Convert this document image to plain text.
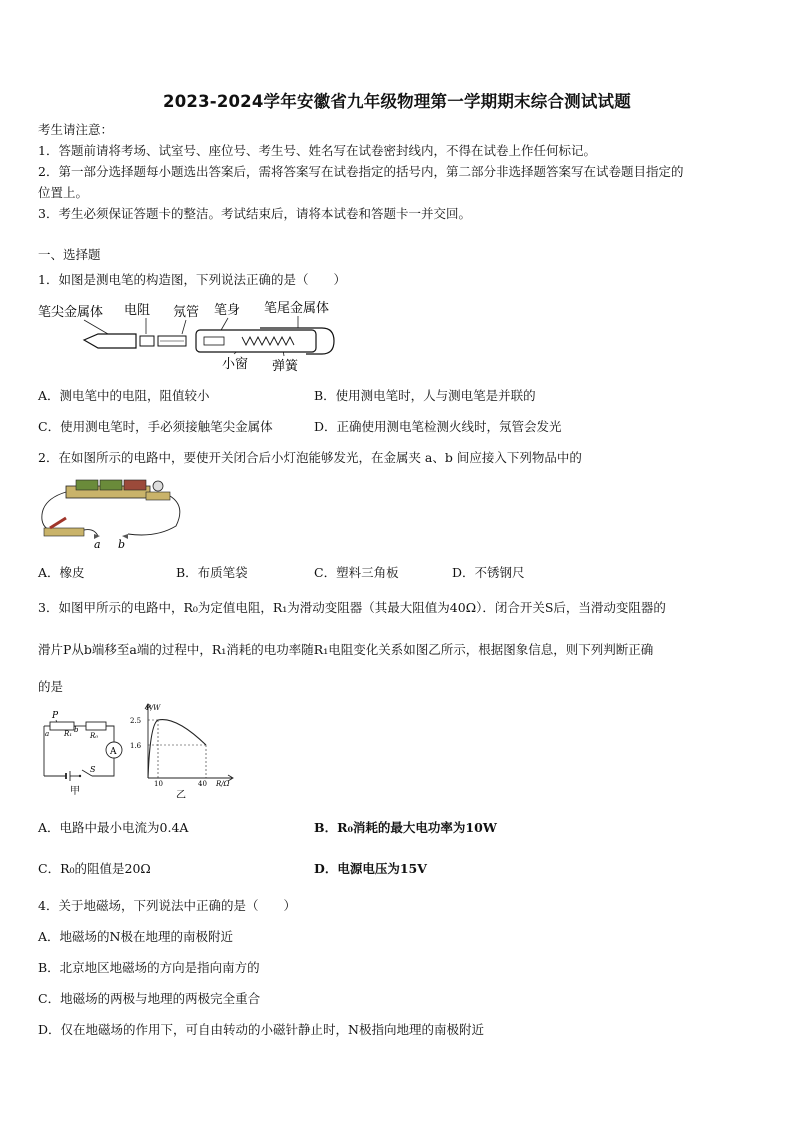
2023-2024学年安徽省九年级物理第一学期期末综合测试试题
考生请注意：
1．答题前请将考场、试室号、座位号、考生号、姓名写在试卷密封线内，不得在试卷上作任何标记。
2．第一部分选择题每小题选出答案后，需将答案写在试卷指定的括号内，第二部分非选择题答案写在试卷题目指定的
位置上。
3．考生必须保证答题卡的整洁。考试结束后，请将本试卷和答题卡一并交回。
一、选择题
1．如图是测电笔的构造图，下列说法正确的是（　　）
笔尖金属体 电阻 氖管 笔身 笔尾金属体
小窗 弹簧
A．测电笔中的电阻，阻值较小	B．使用测电笔时，人与测电笔是并联的
C．使用测电笔时，手必须接触笔尖金属体	D．正确使用测电笔检测火线时，氖管会发光
2．在如图所示的电路中，要使开关闭合后小灯泡能够发光，在金属夹 a、b 间应接入下列物品中的
a b
A．橡皮	B．布质笔袋	C．塑料三角板	D．不锈钢尺
3．如图甲所示的电路中，R₀为定值电阻，R₁为滑动变阻器（其最大阻值为40Ω）．闭合开关S后，当滑动变阻器的
滑片P从b端移至a端的过程中，R₁消耗的电功率随R₁电阻变化关系如图乙所示，根据图象信息，则下列判断正确
的是
P
A
a R₁ b
R₀
S
甲
P/W
R/Ω
2.5
1.6
10	40
乙
A．电路中最小电流为0.4A	B．R₀消耗的最大电功率为10W
C．R₀的阻值是20Ω	D．电源电压为15V
4．关于地磁场，下列说法中正确的是（　　）
A．地磁场的N极在地理的南极附近
B．北京地区地磁场的方向是指向南方的
C．地磁场的两极与地理的两极完全重合
D．仅在地磁场的作用下，可自由转动的小磁针静止时，N极指向地理的南极附近
